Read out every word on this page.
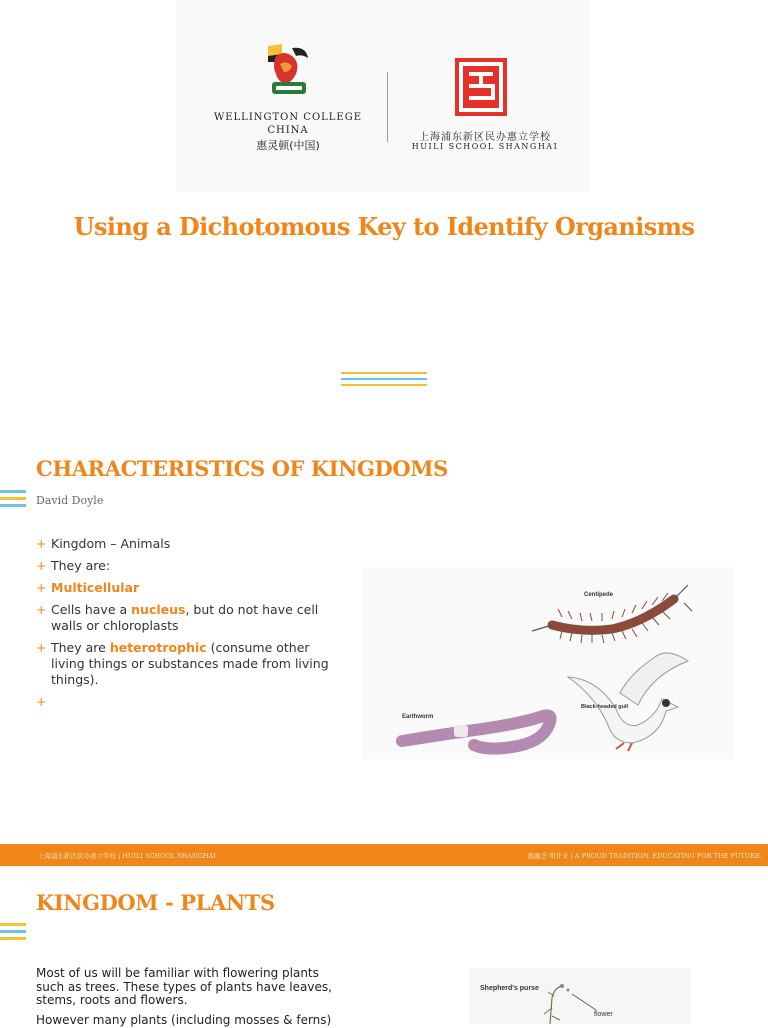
WELLINGTON COLLEGE
CHINA
惠灵顿(中国)
上海浦东新区民办惠立学校
HUILI SCHOOL SHANGHAI
Using a Dichotomous Key to Identify Organisms
CHARACTERISTICS OF KINGDOMS
David Doyle
+ Kingdom – Animals
+ They are:
+ Multicellular
+ Cells have a nucleus, but do not have cell walls or chloroplasts
+ They are heterotrophic (consume other living things or substances made from living things).
+
Centipede
Earthworm
Black-headed gull
上海浦东新区民办惠立学校 | HUILI SCHOOL SHANGHAI	惠融荟 明开来 | A PROUD TRADITION. EDUCATING FOR THE FUTURE.
KINGDOM - PLANTS
Most of us will be familiar with flowering plants such as trees. These types of plants have leaves, stems, roots and flowers.
However many plants (including mosses & ferns)
Shepherd's purse
flower
